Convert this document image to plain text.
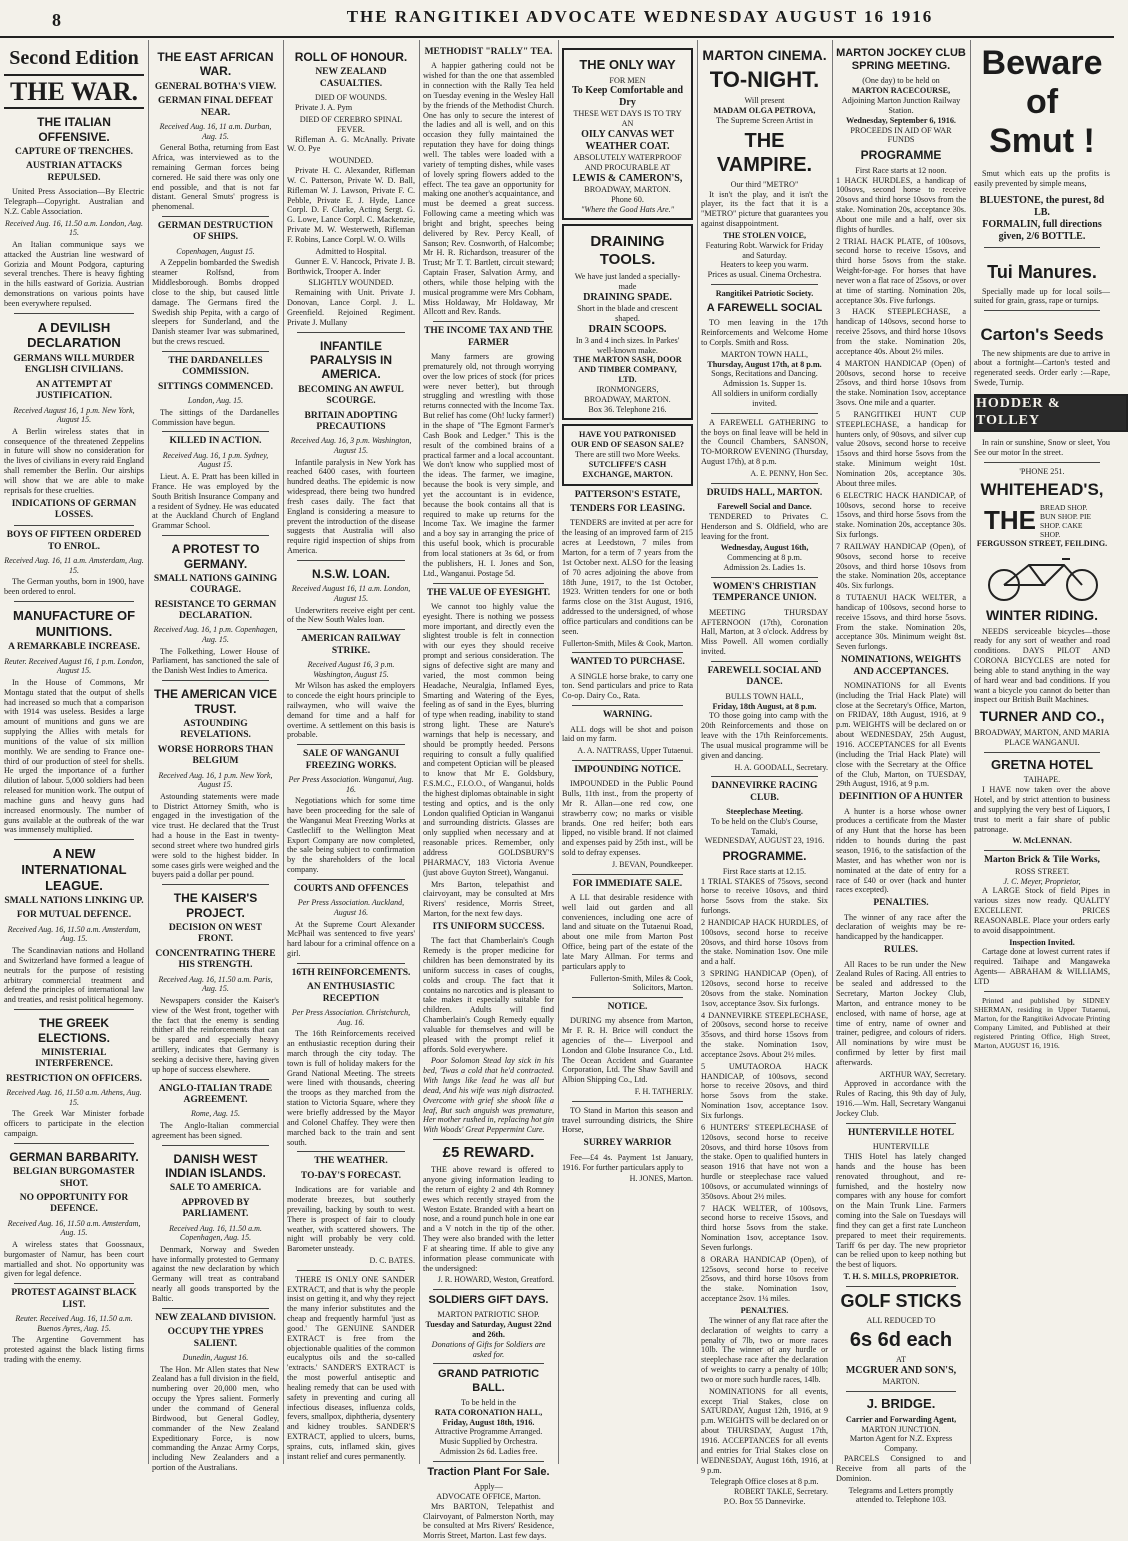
8	THE RANGITIKEI ADVOCATE WEDNESDAY AUGUST 16 1916
Second Edition
THE WAR.
THE ITALIAN OFFENSIVE.
CAPTURE OF TRENCHES.
AUSTRIAN ATTACKS REPULSED.

United Press Association—By Electric Telegraph—Copyright. Australian and N.Z. Cable Association.

Received Aug. 16, 11.50 a.m. London, Aug. 15.

An Italian communique says we attacked the Austrian line westward of Gorizia and Mount Podgora, capturing several trenches. There is heavy fighting in the hills eastward of Gorizia. Austrian demonstrations on various points have been everywhere repulsed.

A DEVILISH DECLARATION
GERMANS WILL MURDER ENGLISH CIVILIANS.
AN ATTEMPT AT JUSTIFICATION.
Received August 16, 1 p.m. New York, August 15.

A Berlin wireless states that in consequence of the threatened Zeppelins in future will show no consideration for the lives of civilians in every raid England shall remember the Berlin. Our airships will show that we are able to make reprisals for these cruelties.

INDICATIONS OF GERMAN LOSSES.
BOYS OF FIFTEEN ORDERED TO ENROL.
Received Aug. 16, 11 a.m. Amsterdam, Aug. 15.

The German youths, born in 1900, have been ordered to enrol.

MANUFACTURE OF MUNITIONS.
A REMARKABLE INCREASE.
Reuter. Received August 16, 1 p.m. London, August 15.

In the House of Commons, Mr Montagu stated that the output of shells had increased so much that a comparison with 1914 was useless. Besides a large amount of munitions and guns we are supplying the Allies with metals for munitions of the value of six million monthly. We are sending to France one-third of our production of steel for shells. He urged the importance of a further dilution of labour. 5,000 soldiers had been released for munition work. The output of machine guns and heavy guns had increased enormously. The number of guns available at the outbreak of the war was immensely multiplied.

A NEW INTERNATIONAL LEAGUE.
SMALL NATIONS LINKING UP.
FOR MUTUAL DEFENCE.
Received Aug. 16, 11.50 a.m. Amsterdam, Aug. 15.

The Scandinavian nations and Holland and Switzerland have formed a league of neutrals for the purpose of resisting arbitrary commercial treatment and defend the principles of international law and treaties, and resist political hegemony.

THE GREEK ELECTIONS.
MINISTERIAL INTERFERENCE.
RESTRICTION ON OFFICERS.
Received Aug. 16, 11.50 a.m. Athens, Aug. 15.

The Greek War Minister forbade officers to participate in the election campaign.

GERMAN BARBARITY.
BELGIAN BURGOMASTER SHOT.
NO OPPORTUNITY FOR DEFENCE.
Received Aug. 16, 11.50 a.m. Amsterdam, Aug. 15.

A wireless states that Goossnaux, burgomaster of Namur, has been court martialled and shot. No opportunity was given for legal defence.

PROTEST AGAINST BLACK LIST.
Reuter. Received Aug. 16, 11.50 a.m. Buenos Ayres, Aug. 15.

The Argentine Government has protested against the black listing firms trading with the enemy.

THE EAST AFRICAN WAR.
GENERAL BOTHA'S VIEW.
GERMAN FINAL DEFEAT NEAR.
Received Aug. 16, 11 a.m. Durban, Aug. 15.

General Botha, returning from East Africa, was interviewed as to the remaining German forces being cornered. He said there was only one end possible, and that is not far distant. General Smuts' progress is phenomenal.

GERMAN DESTRUCTION OF SHIPS.
Copenhagen, August 15.

A Zeppelin bombarded the Swedish steamer Rolfsnd, from Middlesborough. Bombs dropped close to the ship, but caused little damage. The Germans fired the Swedish ship Pepita, with a cargo of sleepers for Sunderland, and the Danish steamer Ivar was submarined, but the crews rescued.

THE DARDANELLES COMMISSION.
SITTINGS COMMENCED.
London, Aug. 15.

The sittings of the Dardanelles Commission have begun.

KILLED IN ACTION.
Received Aug. 16, 1 p.m. Sydney, August 15.

Lieut. A. E. Pratt has been killed in France. He was employed by the South British Insurance Company and a resident of Sydney. He was educated at the Auckland Church of England Grammar School.

A PROTEST TO GERMANY.
SMALL NATIONS GAINING COURAGE.
RESISTANCE TO GERMAN DECLARATION.
Received Aug. 16, 1 p.m. Copenhagen, Aug. 15.

The Folkething, Lower House of Parliament, has sanctioned the sale of the Danish West Indies to America.

THE AMERICAN VICE TRUST.
ASTOUNDING REVELATIONS.
WORSE HORRORS THAN BELGIUM
Received Aug. 16, 1 p.m. New York, August 15.

Astounding statements were made to District Attorney Smith, who is engaged in the investigation of the vice trust. He declared that the Trust had a house in the East in twenty-second street where two hundred girls were sold to the highest bidder. In some cases girls were weighed and the buyers paid a dollar per pound.

THE KAISER'S PROJECT.
DECISION ON WEST FRONT.
CONCENTRATING THERE HIS STRENGTH.
Received Aug. 16, 11.50 a.m. Paris, Aug. 15.

Newspapers consider the Kaiser's view of the West front, together with the fact that the enemy is sending thither all the reinforcements that can be spared and especially heavy artillery, indicates that Germany is seeking a decisive there, having given up hope of success elsewhere.

ANGLO-ITALIAN TRADE AGREEMENT.
Rome, Aug. 15.

The Anglo-Italian commercial agreement has been signed.

DANISH WEST INDIAN ISLANDS.
SALE TO AMERICA.
APPROVED BY PARLIAMENT.
Received Aug. 16, 11.50 a.m. Copenhagen, Aug. 15.

Denmark, Norway and Sweden have informally protested to Germany against the new declaration by which Germany will treat as contraband nearly all goods transported by the Baltic.

NEW ZEALAND DIVISION.
OCCUPY THE YPRES SALIENT.
Dunedin, August 16.

The Hon. Mr Allen states that New Zealand has a full division in the field, numbering over 20,000 men, who occupy the Ypres salient. Formerly under the command of General Birdwood, but General Godley, commander of the New Zealand Expeditionary Force, is now commanding the Anzac Army Corps, including New Zealanders and a portion of the Australians.

ROLL OF HONOUR.
NEW ZEALAND CASUALTIES.
DIED OF WOUNDS.

Private J. A. Pym

DIED OF CEREBRO SPINAL FEVER.

Rifleman A. G. McAnally. Private W. O. Pye

WOUNDED.

Private H. C. Alexander, Rifleman W. C. Patterson, Private W. D. Ball, Rifleman W. J. Lawson, Private F. C. Pebble, Private E. J. Hyde, Lance Corpl. D. F. Clarke, Acting Sergt. G. G. Lowe, Lance Corpl. C. Mackenzie, Private M. W. Westerweth, Rifleman F. Robins, Lance Corpl. W. O. Wills

Admitted to Hospital.

Gunner E. V. Hancock, Private J. B. Borthwick, Trooper A. Inder

SLIGHTLY WOUNDED.

Remaining with Unit. Private J. Donovan, Lance Corpl. J. L. Greenfield. Rejoined Regiment. Private J. Mullany

INFANTILE PARALYSIS IN AMERICA.
BECOMING AN AWFUL SCOURGE.
BRITAIN ADOPTING PRECAUTIONS
Received Aug. 16, 3 p.m. Washington, August 15.

Infantile paralysis in New York has reached 6400 cases, with fourteen hundred deaths. The epidemic is now widespread, there being two hundred fresh cases daily. The fact that England is considering a measure to prevent the introduction of the disease suggests that Australia will also require rigid inspection of ships from America.

N.S.W. LOAN.
Received August 16, 11 a.m. London, August 15.

Underwriters receive eight per cent. of the New South Wales loan.

AMERICAN RAILWAY STRIKE.
Received August 16, 3 p.m. Washington, August 15.

Mr Wilson has asked the employers to concede the eight hours principle to railwaymen, who will waive the demand for time and a half for overtime. A settlement on this basis is probable.

SALE OF WANGANUI FREEZING WORKS.
Per Press Association. Wanganui, Aug. 16.

Negotiations which for some time have been proceeding for the sale of the Wanganui Meat Freezing Works at Castlecliff to the Wellington Meat Export Company are now completed, the sale being subject to confirmation by the shareholders of the local company.

COURTS AND OFFENCES
Per Press Association. Auckland, August 16.

At the Supreme Court Alexander McPhail was sentenced to five years' hard labour for a criminal offence on a girl.

16TH REINFORCEMENTS.
AN ENTHUSIASTIC RECEPTION
Per Press Association. Christchurch, Aug. 16.

The 16th Reinforcements received an enthusiastic reception during their march through the city today. The town is full of holiday makers for the Grand National Meeting. The streets were lined with thousands, cheering the troops as they marched from the station to Victoria Square, where they were briefly addressed by the Mayor and Colonel Chaffey. They were then marched back to the train and sent south.

THE WEATHER.
TO-DAY'S FORECAST.

Indications are for variable and moderate breezes, but southerly prevailing, backing by south to west. There is prospect of fair to cloudy weather, with scattered showers. The night will probably be very cold. Barometer unsteady.

D. C. BATES.

THERE IS ONLY ONE SANDER EXTRACT, and that is why the people insist on getting it, and why they reject the many inferior substitutes and the cheap and frequently harmful 'just as good.' The GENUINE SANDER EXTRACT is free from the objectionable qualities of the common eucalyptus oils and the so-called 'extracts.' SANDER'S EXTRACT is the most powerful antiseptic and healing remedy that can be used with safety in preventing and curing all infectious diseases, influenza colds, fevers, smallpox, diphtheria, dysentery and kidney troubles. SANDER'S EXTRACT, applied to ulcers, burns, sprains, cuts, inflamed skin, gives instant relief and cures permanently.

METHODIST "RALLY" TEA.

A happier gathering could not be wished for than the one that assembled in connection with the Rally Tea held on Tuesday evening in the Wesley Hall by the friends of the Methodist Church. One has only to secure the interest of the ladies and all is well, and on this occasion they fully maintained the reputation they have for doing things well. The tables were loaded with a variety of tempting dishes, while vases of lovely spring flowers added to the effect. The tea gave an opportunity for making one another's acquaintance, and must be deemed a great success. Following came a meeting which was bright and bright, speeches being delivered by Rev. Percy Keall, of Sanson; Rev. Cosnworth, of Halcombe; Mr H. R. Richardson, treasurer of the Trust; Mr T. T. Bartlett, circuit steward; Captain Fraser, Salvation Army, and others, while those helping with the musical programme were Mrs Cobham, Miss Holdaway, Mr Holdaway, Mr Allcott and Rev. Rands.

THE INCOME TAX AND THE FARMER

Many farmers are growing prematurely old, not through worrying over the low prices of stock (for prices were never better), but through struggling and wrestling with those returns connected with the Income Tax. But relief has come (Oh! lucky farmer!) in the shape of "The Egmont Farmer's Cash Book and Ledger." This is the result of the combined brains of a practical farmer and a local accountant. We don't know who supplied most of the ideas. The farmer, we imagine, because the book is very simple, and yet the accountant is in evidence, because the book contains all that is required to make up returns for the Income Tax. We imagine the farmer and a boy say in arranging the price of this useful book, which is procurable from local stationers at 3s 6d, or from the publishers, H. I. Jones and Son, Ltd., Wanganui. Postage 5d.

THE VALUE OF EYESIGHT.

We cannot too highly value the eyesight. There is nothing we possess more important, and directly even the slightest trouble is felt in connection with our eyes they should receive prompt and serious consideration. The signs of defective sight are many and varied, the most common being Headache, Neuralgia, Inflamed Eyes, Smarting and Watering of the Eyes, feeling as of sand in the Eyes, blurring of type when reading, inability to stand strong light. These are Nature's warnings that help is necessary, and should be promptly heeded. Persons requiring to consult a fully qualified and competent Optician will be pleased to know that Mr E. Goldsbury, F.S.M.C., F.I.O.O., of Wanganui, holds the highest diplomas obtainable in sight testing and optics, and is the only London qualified Optician in Wanganui and surrounding districts. Glasses are only supplied when necessary and at reasonable prices. Remember, only address GOLDSBURY'S PHARMACY, 183 Victoria Avenue (just above Guyton Street), Wanganui.

Mrs Barton, telepathist and clairvoyant, may be consulted at Mrs Rivers' residence, Morris Street, Marton, for the next few days.

ITS UNIFORM SUCCESS.

The fact that Chamberlain's Cough Remedy is the proper medicine for children has been demonstrated by its uniform success in cases of coughs, colds and croup. The fact that it contains no narcotics and is pleasant to take makes it especially suitable for children. Adults will find Chamberlain's Cough Remedy equally valuable for themselves and will be pleased with the prompt relief it affords. Sold everywhere.

Poor Solomon Stead lay sick in his bed, 'Twas a cold that he'd contracted. With lungs like lead he was all but dead, And his wife was nigh distracted. Overcome with grief she shook like a leaf, But such anguish was premature, Her mother rushed in, replacing hot gin With Woods' Great Peppermint Cure.

£5 REWARD.

THE above reward is offered to anyone giving information leading to the return of eighty 2 and 4th Romney ewes which recently strayed from the Weston Estate. Branded with a heart on nose, and a round punch hole in one ear and a V notch in the tip of the other. They were also branded with the letter F at shearing time. If able to give any information please communicate with the undersigned:

J. R. HOWARD, Weston, Greatford.
SOLDIERS GIFT DAYS.
MARTON PATRIOTIC SHOP.
Tuesday and Saturday, August 22nd and 26th.
Donations of Gifts for Soldiers are asked for.
GRAND PATRIOTIC BALL.
To be held in the
RATA CORONATION HALL,
Friday, August 18th, 1916.
Attractive Programme Arranged.
Music Supplied by Orchestra.
Admission 2s 6d. Ladies free.
Traction Plant For Sale.
Apply—
ADVOCATE OFFICE, Marton.

Mrs BARTON, Telepathist and Clairvoyant, of Palmerston North, may be consulted at Mrs Rivers' Residence, Morris Street, Marton. Last few days.

THE ONLY WAY
FOR MEN
To Keep Comfortable and Dry
THESE WET DAYS IS TO TRY AN
OILY CANVAS WET WEATHER COAT.
ABSOLUTELY WATERPROOF AND PROCURABLE AT
LEWIS & CAMERON'S,
BROADWAY, MARTON.
Phone 60.
"Where the Good Hats Are."
DRAINING TOOLS.
We have just landed a specially-made
DRAINING SPADE.
Short in the blade and crescent shaped.
DRAIN SCOOPS.
In 3 and 4 inch sizes. In Parkes' well-known make.
THE MARTON SASH, DOOR AND TIMBER COMPANY, LTD.
IRONMONGERS,
BROADWAY, MARTON.
Box 36. Telephone 216.
HAVE YOU PATRONISED OUR END OF SEASON SALE?
There are still two More Weeks.
SUTCLIFFE'S CASH EXCHANGE, MARTON.
PATTERSON'S ESTATE,
TENDERS FOR LEASING.

TENDERS are invited at per acre for the leasing of an improved farm of 215 acres at Leedstown, 7 miles from Marton, for a term of 7 years from the 1st October next. ALSO for the leasing of 70 acres adjoining the above from 18th June, 1917, to the 1st October, 1923. Written tenders for one or both farms close on the 31st August, 1916, addressed to the undersigned, of whose office particulars and conditions can be seen.

Fullerton-Smith, Miles & Cook, Marton.
WANTED TO PURCHASE.

A SINGLE horse brake, to carry one ton. Send particulars and price to Rata Co-op. Dairy Co., Rata.

WARNING.

ALL dogs will be shot and poison laid on my farm.

A. A. NATTRASS, Upper Tutaenui.
IMPOUNDING NOTICE.

IMPOUNDED in the Public Pound Bulls, 11th inst., from the property of Mr R. Allan—one red cow, one strawberry cow; no marks or visible brands. One red heifer; both ears lipped, no visible brand. If not claimed and expenses paid by 25th inst., will be sold to defray expenses.

J. BEVAN, Poundkeeper.
FOR IMMEDIATE SALE.

A LL that desirable residence with well laid out garden and all conveniences, including one acre of land and situate on the Tutaenui Road, about one mile from Marton Post Office, being part of the estate of the late Mary Allman. For terms and particulars apply to

Fullerton-Smith, Miles & Cook, Solicitors, Marton.
NOTICE.

DURING my absence from Marton, Mr F. R. H. Brice will conduct the agencies of the— Liverpool and London and Globe Insurance Co., Ltd. The Ocean Accident and Guarantee Corporation, Ltd. The Shaw Savill and Albion Shipping Co., Ltd.

F. H. TATHERLY.

TO Stand in Marton this season and travel surrounding districts, the Shire Horse,

SURREY WARRIOR

Fee—£4 4s. Payment 1st January, 1916. For further particulars apply to

H. JONES, Marton.
MARTON CINEMA.
TO-NIGHT.
Will present
MADAM OLGA PETROVA,
The Supreme Screen Artist in
THE VAMPIRE.
Our third "METRO"

It isn't the play, and it isn't the player, its the fact that it is a "METRO" picture that guarantees you against disappointment.

THE STOLEN VOICE,
Featuring Robt. Warwick for Friday and Saturday.
Heaters to keep you warm.
Prices as usual. Cinema Orchestra.
Rangitikei Patriotic Society.
A FAREWELL SOCIAL

TO men leaving in the 17th Reinforcements and Welcome Home to Corpls. Smith and Ross.

MARTON TOWN HALL,
Thursday, August 17th, at 8 p.m.
Songs, Recitations and Dancing.
Admission 1s. Supper 1s.
All soldiers in uniform cordially invited.

A FAREWELL GATHERING to the boys on final leave will be held in the Council Chambers, SANSON, TO-MORROW EVENING (Thursday, August 17th), at 8 p.m.

A. E. PENNY, Hon Sec.
DRUIDS HALL, MARTON.
Farewell Social and Dance.

TENDERED to Privates C. Henderson and S. Oldfield, who are leaving for the front.

Wednesday, August 16th,
Commencing at 8 p.m.
Admission 2s. Ladies 1s.
WOMEN'S CHRISTIAN TEMPERANCE UNION.

MEETING THURSDAY AFTERNOON (17th), Coronation Hall, Marton, at 3 o'clock. Address by Miss Powell. All women cordially invited.

FAREWELL SOCIAL AND DANCE.
BULLS TOWN HALL,
Friday, 18th August, at 8 p.m.

TO those going into camp with the 20th Reinforcements and those on leave with the 17th Reinforcements. The usual musical programme will be given and dancing.

H. A. GOODALL, Secretary.
DANNEVIRKE RACING CLUB.
Steeplechase Meeting.
To be held on the Club's Course, Tamaki,
WEDNESDAY, AUGUST 23, 1916.
PROGRAMME.
First Race starts at 12.15.
1 TRIAL STAKES of 75sovs, second horse to receive 10sovs, and third horse 5sovs from the stake. Six furlongs.
2 HANDICAP HACK HURDLES, of 100sovs, second horse to receive 20sovs, and third horse 10sovs from the stake. Nomination 1sov. One mile and a half.
3 SPRING HANDICAP (Open), of 120sovs, second horse to receive 20sovs from the stake. Nomination 1sov, acceptance 3sov. Six furlongs.
4 DANNEVIRKE STEEPLECHASE, of 200sovs, second horse to receive 35sovs, and third horse 15sovs from the stake. Nomination 1sov, acceptance 2sovs. About 2½ miles.
5 UMUTAOROA HACK HANDICAP, of 100sovs, second horse to receive 20sovs, and third horse 5sovs from the stake. Nomination 1sov, acceptance 1sov. Six furlongs.
6 HUNTERS' STEEPLECHASE of 120sovs, second horse to receive 20sovs, and third horse 10sovs from the stake. Open to qualified hunters in season 1916 that have not won a hurdle or steeplechase race valued 100sovs, or accumulated winnings of 350sovs. About 2½ miles.
7 HACK WELTER, of 100sovs, second horse to receive 15sovs, and third horse 5sovs from the stake. Nomination 1sov, acceptance 1sov. Seven furlongs.
8 ORARA HANDICAP (Open), of 125sovs, second horse to receive 25sovs, and third horse 10sovs from the stake. Nomination 1sov, acceptance 2sov. 1¼ miles.
PENALTIES.

The winner of any flat race after the declaration of weights to carry a penalty of 7lb, two or more races 10lb. The winner of any hurdle or steeplechase race after the declaration of weights to carry a penalty of 10lb; two or more such hurdle races, 14lb.

NOMINATIONS for all events, except Trial Stakes, close on SATURDAY, August 12th, 1916, at 9 p.m. WEIGHTS will be declared on or about THURSDAY, August 17th, 1916. ACCEPTANCES for all events and entries for Trial Stakes close on WEDNESDAY, August 16th, 1916, at 9 p.m.

Telegraph Office closes at 8 p.m.
ROBERT TAKLE, Secretary.
P.O. Box 55 Dannevirke.
MARTON JOCKEY CLUB SPRING MEETING.
(One day) to be held on
MARTON RACECOURSE,
Adjoining Marton Junction Railway Station.
Wednesday, September 6, 1916.
PROCEEDS IN AID OF WAR FUNDS
PROGRAMME
First Race starts at 12 noon.
1 HACK HURDLES, a handicap of 100sovs, second horse to receive 20sovs and third horse 10sovs from the stake. Nomination 20s, acceptance 30s. About one mile and a half, over six flights of hurdles.
2 TRIAL HACK PLATE, of 100sovs, second horse to receive 15sovs, and third horse 5sovs from the stake. Weight-for-age. For horses that have never won a flat race of 25sovs, or over at time of starting. Nomination 20s, acceptance 30s. Five furlongs.
3 HACK STEEPLECHASE, a handicap of 140sovs, second horse to receive 25sovs, and third horse 10sovs from the stake. Nomination 20s, acceptance 40s. About 2½ miles.
4 MARTON HANDICAP (Open) of 200sovs, second horse to receive 25sovs, and third horse 10sovs from the stake. Nomination 1sov, acceptance 3sovs. One mile and a quarter.
5 RANGITIKEI HUNT CUP STEEPLECHASE, a handicap for hunters only, of 90sovs, and silver cup value 20sovs, second horse to receive 15sovs and third horse 5sovs from the stake. Minimum weight 10st. Nomination 20s, acceptance 30s. About three miles.
6 ELECTRIC HACK HANDICAP, of 100sovs, second horse to receive 15sovs, and third horse 5sovs from the stake. Nomination 20s, acceptance 30s. Six furlongs.
7 RAILWAY HANDICAP (Open), of 90sovs, second horse to receive 20sovs, and third horse 10sovs from the stake. Nomination 20s, acceptance 40s. Six furlongs.
8 TUTAENUI HACK WELTER, a handicap of 100sovs, second horse to receive 15sovs, and third horse 5sovs. From the stake. Nomination 20s, acceptance 30s. Minimum weight 8st. Seven furlongs.
NOMINATIONS, WEIGHTS AND ACCEPTANCES.

NOMINATIONS for all Events (including the Trial Hack Plate) will close at the Secretary's Office, Marton, on FRIDAY, 18th August, 1916, at 9 p.m. WEIGHTS will be declared on or about WEDNESDAY, 25th August, 1916. ACCEPTANCES for all Events (including the Trial Hack Plate) will close with the Secretary at the Office of the Club, Marton, on TUESDAY, 29th August, 1916, at 9 p.m.

DEFINITION OF A HUNTER

A hunter is a horse whose owner produces a certificate from the Master of any Hunt that the horse has been ridden to hounds during the past season, 1916, to the satisfaction of the Master, and has whether won nor is nominated at the date of entry for a race of £40 or over (hack and hunter races excepted).

PENALTIES.

The winner of any race after the declaration of weights may be re-handicapped by the handicapper.

RULES.

All Races to be run under the New Zealand Rules of Racing. All entries to be sealed and addressed to the Secretary, Marton Jockey Club, Marton, and entrance money to be enclosed, with name of horse, age at time of entry, name of owner and trainer, pedigree, and colours of riders. All nominations by wire must be confirmed by letter by first mail afterwards.

ARTHUR WAY, Secretary.

Approved in accordance with the Rules of Racing, this 9th day of July, 1916.—Wm. Hall, Secretary Wanganui Jockey Club.

HUNTERVILLE HOTEL
HUNTERVILLE

THIS Hotel has lately changed hands and the house has been renovated throughout, and re-furnished, and the hostelry now compares with any house for comfort on the Main Trunk Line. Farmers coming into the Sale on Tuesdays will find they can get a first rate Luncheon prepared to meet their requirements. Tariff 6s per day. The new proprietor can be relied upon to keep nothing but the best of liquors.

T. H. S. MILLS, PROPRIETOR.
GOLF STICKS
ALL REDUCED TO
6s 6d each
AT
MCGRUER AND SON'S,
MARTON.
J. BRIDGE.
Carrier and Forwarding Agent,
MARTON JUNCTION.
Marton Agent for N.Z. Express Company.

PARCELS Consigned to and Receive from all parts of the Dominion.

Telegrams and Letters promptly attended to. Telephone 103.
Beware
of
Smut !

Smut which eats up the profits is easily prevented by simple means,

BLUESTONE, the purest, 8d LB.
FORMALIN, full directions given, 2/6 BOTTLE.
Tui Manures.

Specially made up for local soils—suited for grain, grass, rape or turnips.

Carton's Seeds

The new shipments are due to arrive in about a fortnight—Carton's tested and regenerated seeds. Order early :—Rape, Swede, Turnip.

HODDER & TOLLEY

In rain or sunshine, Snow or sleet, You See our motor In the street.

'PHONE 251.
WHITEHEAD'S,
THE BREAD SHOP. BUN SHOP. PIE SHOP. CAKE SHOP.
FERGUSSON STREET, FEILDING.
WINTER RIDING.

NEEDS serviceable bicycles—those ready for any sort of weather and road conditions. DAYS PILOT AND CORONA BICYCLES are noted for being able to stand anything in the way of hard wear and bad conditions. If you want a bicycle you cannot do better than inspect our British Built Machines.

TURNER AND CO.,
BROADWAY, MARTON, AND MARIA PLACE WANGANUI.
GRETNA HOTEL
TAIHAPE.

I HAVE now taken over the above Hotel, and by strict attention to business and supplying the very best of Liquors, I trust to merit a fair share of public patronage.

W. McLENNAN.
Marton Brick & Tile Works,
ROSS STREET.
J. C. Meyer, Proprietor,

A LARGE Stock of field Pipes in various sizes now ready. QUALITY EXCELLENT. PRICES REASONABLE. Place your orders early to avoid disappointment.

Inspection Invited.

Cartage done at lowest current rates if required. Taihape and Mangaweka Agents— ABRAHAM & WILLIAMS, LTD

Printed and published by SIDNEY SHERMAN, residing in Upper Tutaenui, Marton, for the Rangitikei Advocate Printing Company Limited, and Published at their registered Printing Office, High Street, Marton, AUGUST 16, 1916.
